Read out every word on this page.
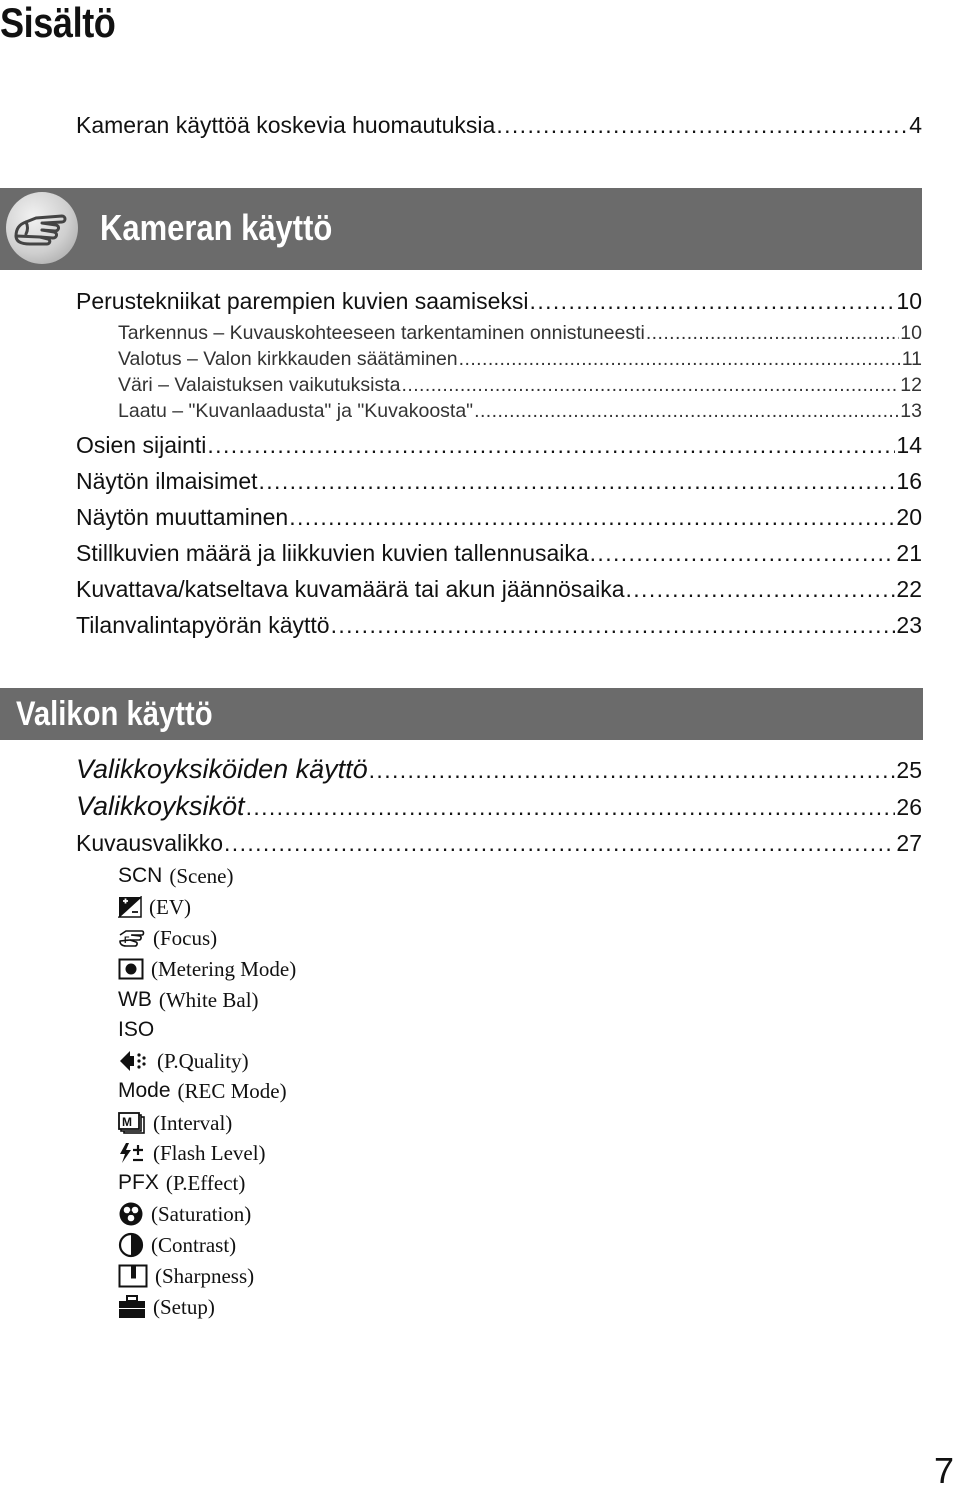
Sisältö
Kameran käyttöä koskevia huomautuksia . . .	4
Kameran käyttö
Perustekniikat parempien kuvien saamiseksi . . .	10
Tarkennus – Kuvauskohteeseen tarkentaminen onnistuneesti . . .	10
Valotus – Valon kirkkauden säätäminen . . .	11
Väri – Valaistuksen vaikutuksista . . .	12
Laatu – "Kuvanlaadusta" ja "Kuvakoosta" . . .	13
Osien sijainti . . .	14
Näytön ilmaisimet . . .	16
Näytön muuttaminen . . .	20
Stillkuvien määrä ja liikkuvien kuvien tallennusaika . . .	21
Kuvattava/katseltava kuvamäärä tai akun jäännösaika . . .	22
Tilanvalintapyörän käyttö . . .	23
Valikon käyttö
Valikkoyksiköiden käyttö . . .	25
Valikkoyksiköt . . .	26
Kuvausvalikko . . .	27
SCN (Scene)
(EV)
F (Focus)
(Metering Mode)
WB (White Bal)
ISO
(P.Quality)
Mode (REC Mode)
M (Interval)
(Flash Level)
PFX (P.Effect)
(Saturation)
(Contrast)
(Sharpness)
(Setup)
7
